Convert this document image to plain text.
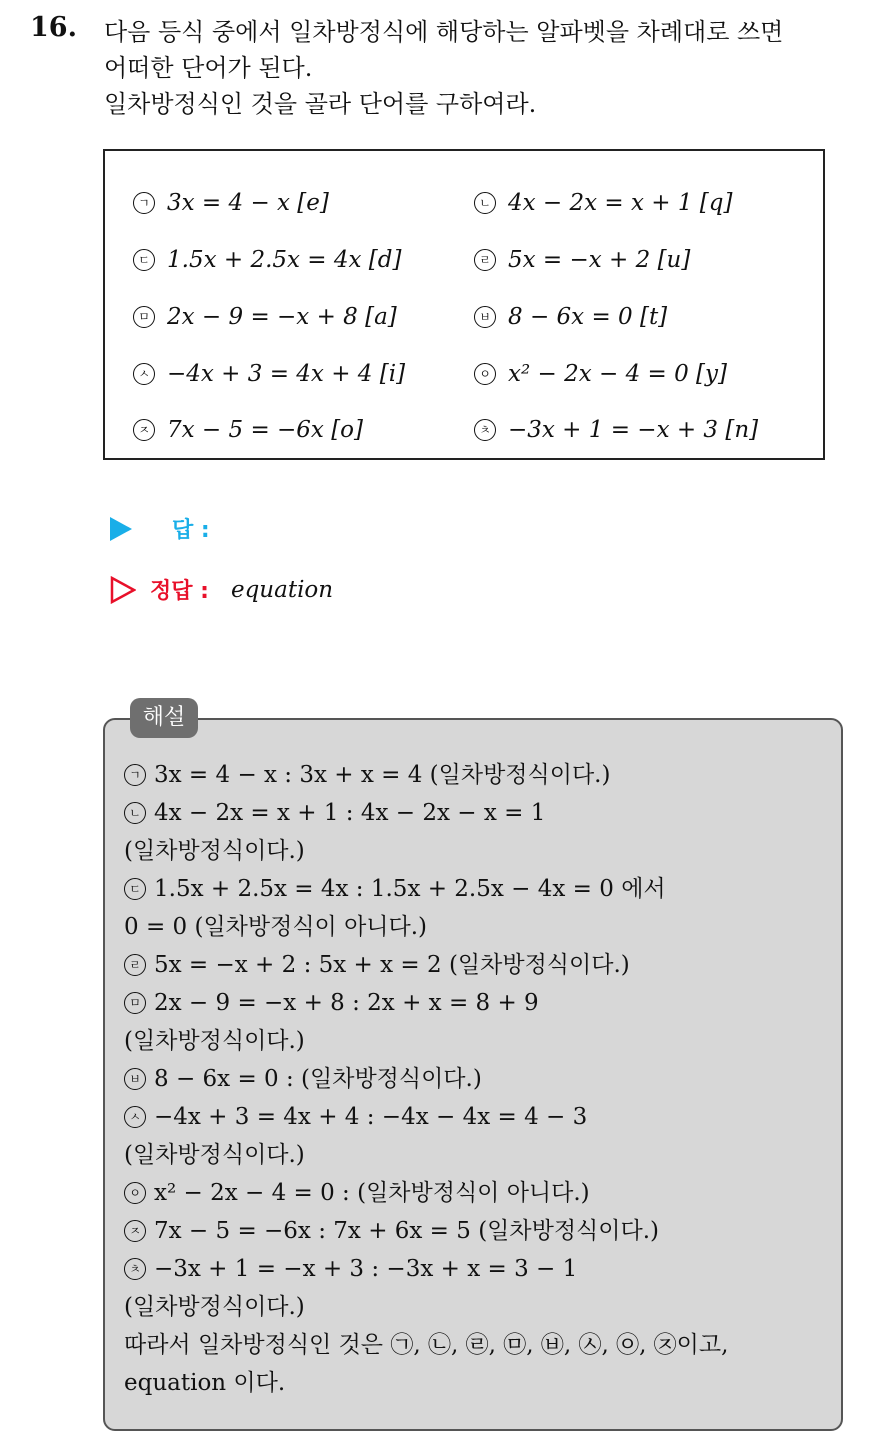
16. 다음 등식 중에서 일차방정식에 해당하는 알파벳을 차례대로 쓰면
어떠한 단어가 된다.
일차방정식인 것을 골라 단어를 구하여라.
ㄱ 3x = 4 − x [e]	ㄴ 4x − 2x = x + 1 [q]
ㄷ 1.5x + 2.5x = 4x [d]	ㄹ 5x = −x + 2 [u]
ㅁ 2x − 9 = −x + 8 [a]	ㅂ 8 − 6x = 0 [t]
ㅅ −4x + 3 = 4x + 4 [i]	ㅇ x² − 2x − 4 = 0 [y]
ㅈ 7x − 5 = −6x [o]	ㅊ −3x + 1 = −x + 3 [n]
답 :
정답 : equation
해설
ㄱ 3x = 4 − x : 3x + x = 4 (일차방정식이다.)
ㄴ 4x − 2x = x + 1 : 4x − 2x − x = 1
(일차방정식이다.)
ㄷ 1.5x + 2.5x = 4x : 1.5x + 2.5x − 4x = 0 에서
0 = 0 (일차방정식이 아니다.)
ㄹ 5x = −x + 2 : 5x + x = 2 (일차방정식이다.)
ㅁ 2x − 9 = −x + 8 : 2x + x = 8 + 9
(일차방정식이다.)
ㅂ 8 − 6x = 0 : (일차방정식이다.)
ㅅ −4x + 3 = 4x + 4 : −4x − 4x = 4 − 3
(일차방정식이다.)
ㅇ x² − 2x − 4 = 0 : (일차방정식이 아니다.)
ㅈ 7x − 5 = −6x : 7x + 6x = 5 (일차방정식이다.)
ㅊ −3x + 1 = −x + 3 : −3x + x = 3 − 1
(일차방정식이다.)
따라서 일차방정식인 것은 ㉠, ㉡, ㉣, ㉤, ㉥, ㉦, ㉧, ㉨이고,
equation 이다.
